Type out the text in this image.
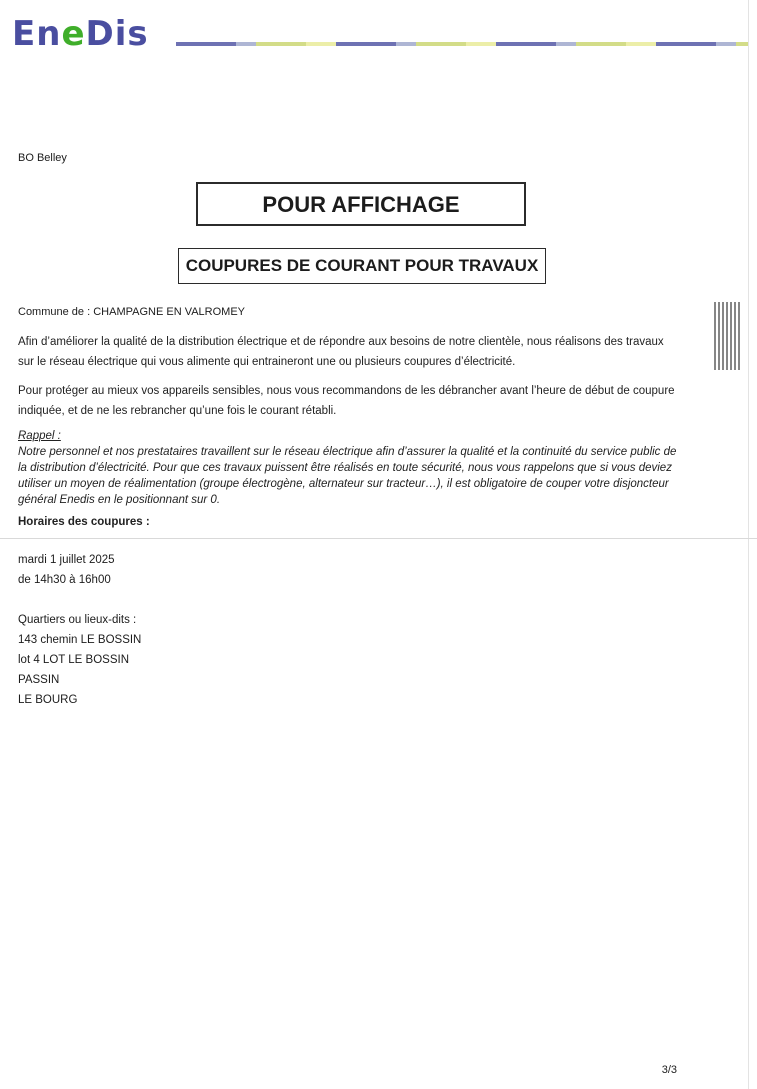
EneDis
BO Belley
POUR AFFICHAGE
COUPURES DE COURANT POUR TRAVAUX
Commune de : CHAMPAGNE EN VALROMEY

Afin d’améliorer la qualité de la distribution électrique et de répondre aux besoins de notre clientèle, nous réalisons des travaux sur le réseau électrique qui vous alimente qui entraineront une ou plusieurs coupures d’électricité.

Pour protéger au mieux vos appareils sensibles, nous vous recommandons de les débrancher avant l’heure de début de coupure indiquée, et de ne les rebrancher qu’une fois le courant rétabli.

Rappel :

Notre personnel et nos prestataires travaillent sur le réseau électrique afin d’assurer la qualité et la continuité du service public de la distribution d’électricité. Pour que ces travaux puissent être réalisés en toute sécurité, nous vous rappelons que si vous deviez utiliser un moyen de réalimentation (groupe électrogène, alternateur sur tracteur…), il est obligatoire de couper votre disjoncteur général Enedis en le positionnant sur 0.

Horaires des coupures :
mardi 1 juillet 2025
de 14h30 à 16h00
Quartiers ou lieux-dits :
143 chemin LE BOSSIN
lot 4 LOT LE BOSSIN
PASSIN
LE BOURG
3/3
